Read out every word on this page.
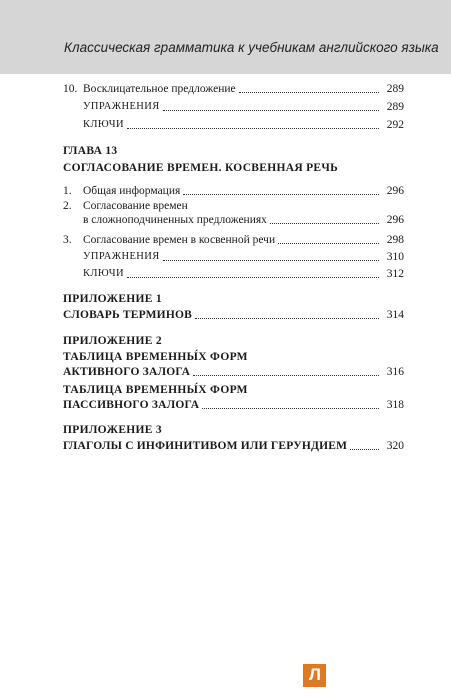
Классическая грамматика к учебникам английского языка
10. Восклицательное предложение	289
УПРАЖНЕНИЯ	289
КЛЮЧИ	292
ГЛАВА 13
СОГЛАСОВАНИЕ ВРЕМЕН. КОСВЕННАЯ РЕЧЬ
1. Общая информация	296
2. Согласование времен
в сложноподчиненных предложениях	296
3. Согласование времен в косвенной речи	298
УПРАЖНЕНИЯ	310
КЛЮЧИ	312
ПРИЛОЖЕНИЕ 1
СЛОВАРЬ ТЕРМИНОВ	314
ПРИЛОЖЕНИЕ 2
ТАБЛИЦА ВРЕМЕННЫ́Х ФОРМ
АКТИВНОГО ЗАЛОГА	316
ТАБЛИЦА ВРЕМЕННЫ́Х ФОРМ
ПАССИВНОГО ЗАЛОГА	318
ПРИЛОЖЕНИЕ 3
ГЛАГОЛЫ С ИНФИНИТИВОМ ИЛИ ГЕРУНДИЕМ	320
Л
